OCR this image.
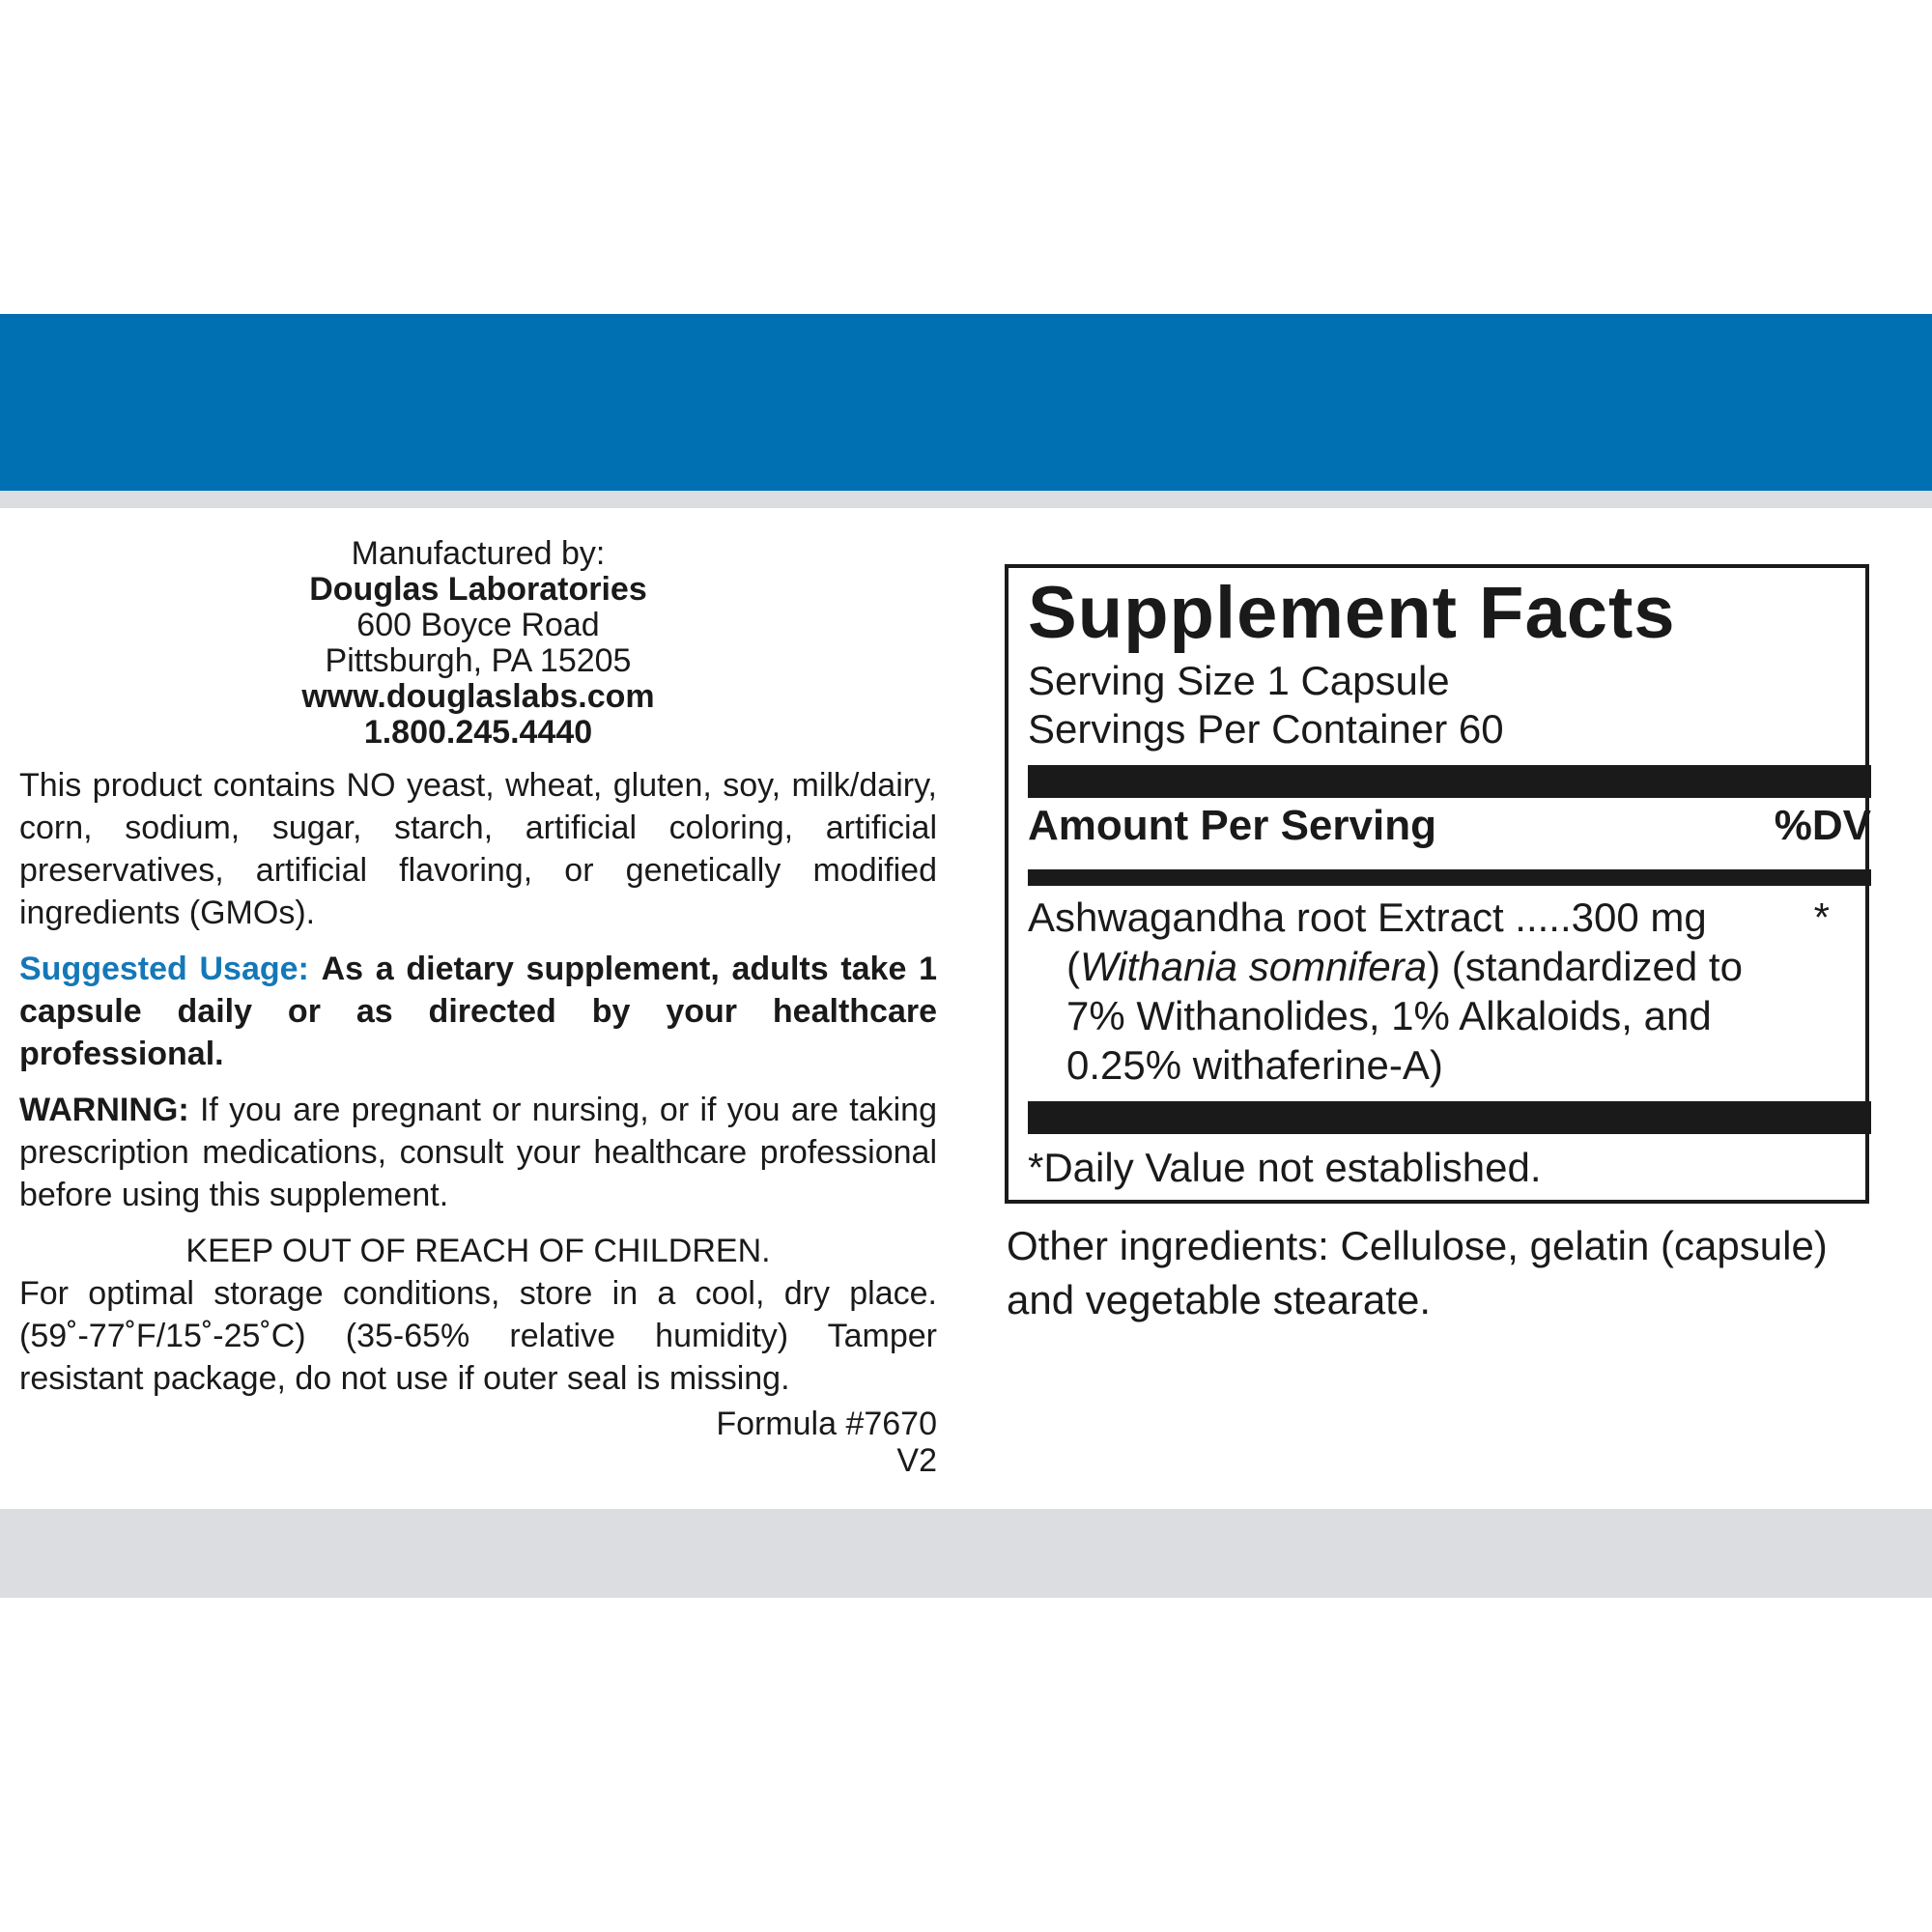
Manufactured by:
Douglas Laboratories
600 Boyce Road
Pittsburgh, PA 15205
www.douglaslabs.com
1.800.245.4440
This product contains NO yeast, wheat, gluten, soy, milk/dairy, corn, sodium, sugar, starch, artificial coloring, artificial preservatives, artificial flavoring, or genetically modified ingredients (GMOs).
Suggested Usage: As a dietary supplement, adults take 1 capsule daily or as directed by your healthcare professional.
WARNING: If you are pregnant or nursing, or if you are taking prescription medications, consult your healthcare professional before using this supplement.
KEEP OUT OF REACH OF CHILDREN.
For optimal storage conditions, store in a cool, dry place. (59˚-77˚F/15˚-25˚C) (35-65% relative humidity) Tamper resistant package, do not use if outer seal is missing.
Formula #7670
V2
Supplement Facts
Serving Size 1 Capsule
Servings Per Container 60
Amount Per Serving	%DV
Ashwagandha root Extract .....300 mg	*
(Withania somnifera) (standardized to
7% Withanolides, 1% Alkaloids, and
0.25% withaferine-A)
*Daily Value not established.
Other ingredients: Cellulose, gelatin (capsule) and vegetable stearate.
